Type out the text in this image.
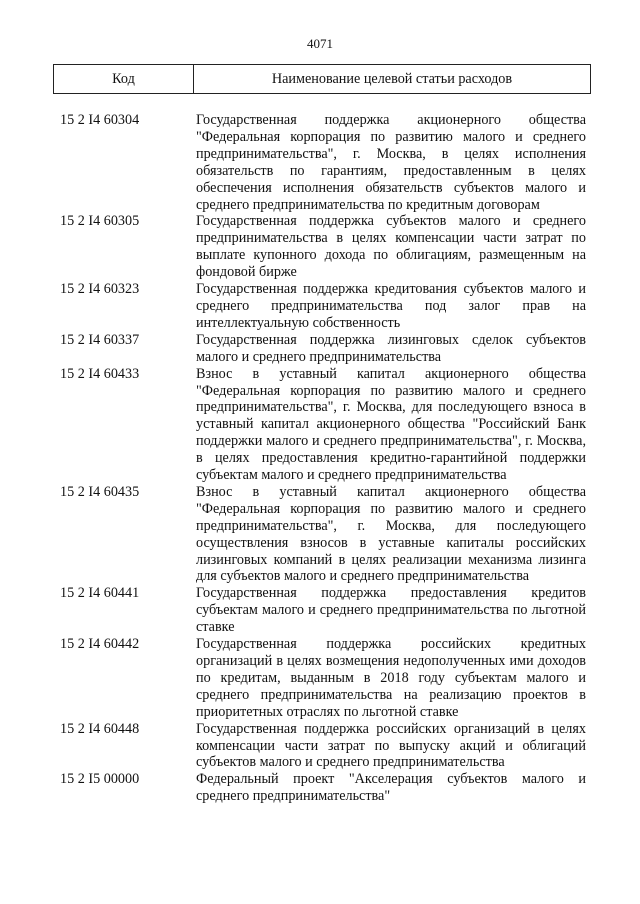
4071
Код	Наименование целевой статьи расходов
15 2 I4 60304	Государственная поддержка акционерного общества "Федеральная корпорация по развитию малого и среднего предпринимательства", г. Москва, в целях исполнения обязательств по гарантиям, предоставленным в целях обеспечения исполнения обязательств субъектов малого и среднего предпринимательства по кредитным договорам
15 2 I4 60305	Государственная поддержка субъектов малого и среднего предпринимательства в целях компенсации части затрат по выплате купонного дохода по облигациям, размещенным на фондовой бирже
15 2 I4 60323	Государственная поддержка кредитования субъектов малого и среднего предпринимательства под залог прав на интеллектуальную собственность
15 2 I4 60337	Государственная поддержка лизинговых сделок субъектов малого и среднего предпринимательства
15 2 I4 60433	Взнос в уставный капитал акционерного общества "Федеральная корпорация по развитию малого и среднего предпринимательства", г. Москва, для последующего взноса в уставный капитал акционерного общества "Российский Банк поддержки малого и среднего предпринимательства", г. Москва, в целях предоставления кредитно-гарантийной поддержки субъектам малого и среднего предпринимательства
15 2 I4 60435	Взнос в уставный капитал акционерного общества "Федеральная корпорация по развитию малого и среднего предпринимательства", г. Москва, для последующего осуществления взносов в уставные капиталы российских лизинговых компаний в целях реализации механизма лизинга для субъектов малого и среднего предпринимательства
15 2 I4 60441	Государственная поддержка предоставления кредитов субъектам малого и среднего предпринимательства по льготной ставке
15 2 I4 60442	Государственная поддержка российских кредитных организаций в целях возмещения недополученных ими доходов по кредитам, выданным в 2018 году субъектам малого и среднего предпринимательства на реализацию проектов в приоритетных отраслях по льготной ставке
15 2 I4 60448	Государственная поддержка российских организаций в целях компенсации части затрат по выпуску акций и облигаций субъектов малого и среднего предпринимательства
15 2 I5 00000	Федеральный проект "Акселерация субъектов малого и среднего предпринимательства"
